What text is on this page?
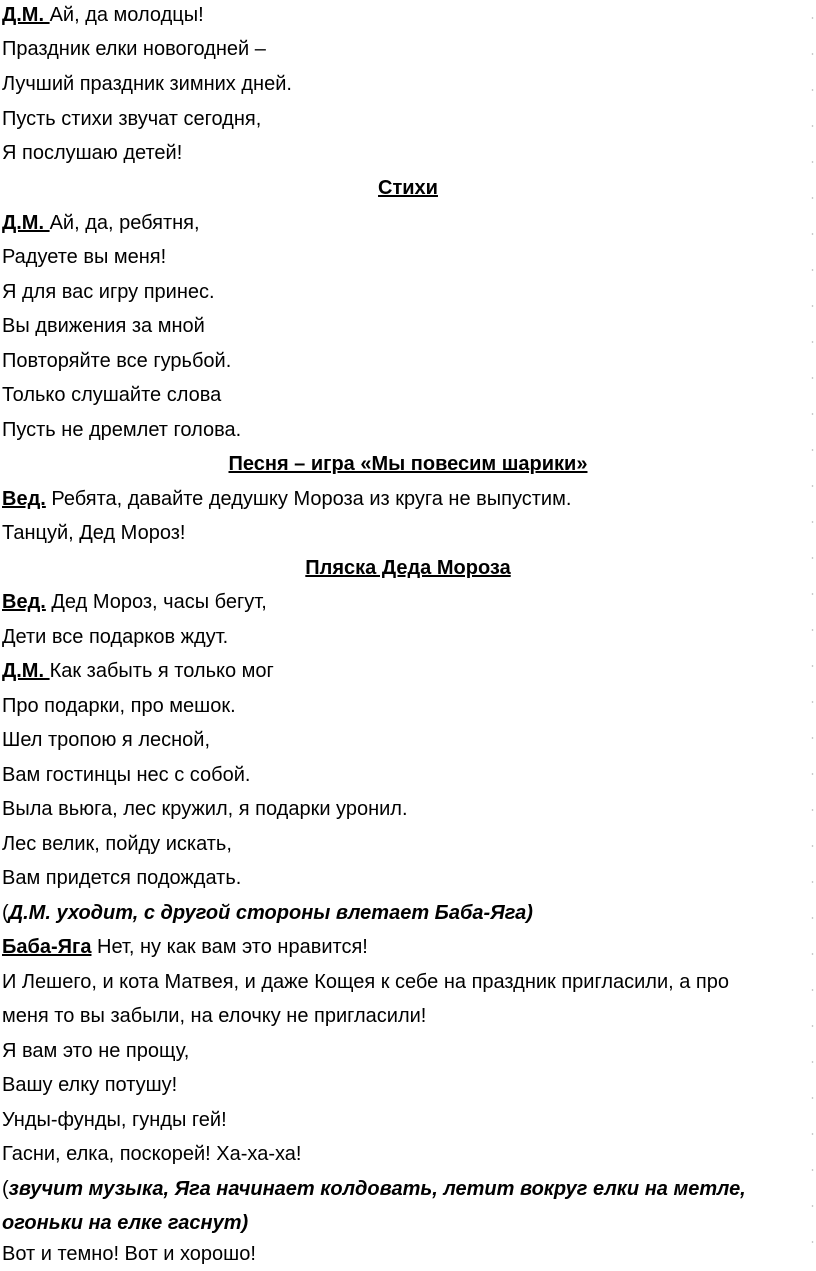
Д.М. Ай, да молодцы!
Праздник елки новогодней –
Лучший праздник зимних дней.
Пусть стихи звучат сегодня,
Я послушаю детей!
Стихи
Д.М. Ай, да, ребятня,
Радуете вы меня!
Я для вас игру принес.
Вы движения за мной
Повторяйте все гурьбой.
Только слушайте слова
Пусть не дремлет голова.
Песня – игра «Мы повесим шарики»
Вед. Ребята, давайте дедушку Мороза из круга не выпустим.
Танцуй, Дед Мороз!
Пляска Деда Мороза
Вед. Дед Мороз, часы бегут,
Дети все подарков ждут.
Д.М. Как забыть я только мог
Про подарки, про мешок.
Шел тропою я лесной,
Вам гостинцы нес с собой.
Выла вьюга, лес кружил, я подарки уронил.
Лес велик, пойду искать,
Вам придется подождать.
(Д.М. уходит, с другой стороны влетает Баба-Яга)
Баба-Яга Нет, ну как вам это нравится!
И Лешего, и кота Матвея, и даже Кощея к себе на праздник пригласили, а про
меня то вы забыли, на елочку не пригласили!
Я вам это не прощу,
Вашу елку потушу!
Унды-фунды, гунды гей!
Гасни, елка, поскорей! Ха-ха-ха!
(звучит музыка, Яга начинает колдовать, летит вокруг елки на метле,
огоньки на елке гаснут)
Вот и темно! Вот и хорошо!
